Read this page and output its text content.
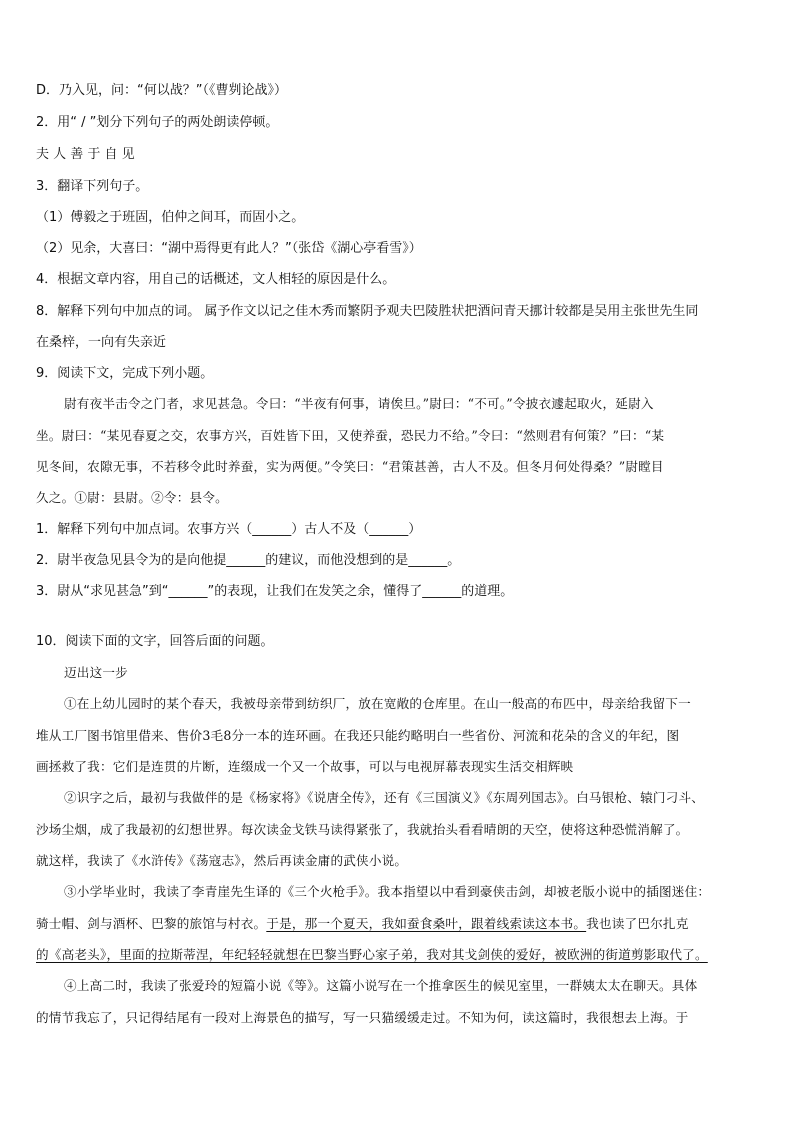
D．乃入见，问：“何以战？”（《曹刿论战》）
2．用“ / ”划分下列句子的两处朗读停顿。
夫 人 善 于 自 见
3．翻译下列句子。
（1）傅毅之于班固，伯仲之间耳，而固小之。
（2）见余，大喜曰：“湖中焉得更有此人？”（张岱《湖心亭看雪》）
4．根据文章内容，用自己的话概述，文人相轻的原因是什么。
8．解释下列句中加点的词。 属予作文以记之佳木秀而繁阴予观夫巴陵胜状把酒问青天挪计较都是吴用主张世先生同
在桑梓，一向有失亲近
9．阅读下文，完成下列小题。
尉有夜半击令之门者，求见甚急。令曰：“半夜有何事，请俟旦。”尉曰：“不可。”令披衣遽起取火，延尉入
坐。尉曰：“某见春夏之交，农事方兴，百姓皆下田，又使养蚕，恐民力不给。”令曰：“然则君有何策？”曰：“某
见冬间，农隙无事，不若移令此时养蚕，实为两便。”令笑曰：“君策甚善，古人不及。但冬月何处得桑？”尉瞠目
久之。①尉：县尉。②令：县令。
1．解释下列句中加点词。农事方兴（______）古人不及（______）
2．尉半夜急见县令为的是向他提______的建议，而他没想到的是______。
3．尉从“求见甚急”到“______”的表现，让我们在发笑之余，懂得了______的道理。
10．阅读下面的文字，回答后面的问题。
迈出这一步
①在上幼儿园时的某个春天，我被母亲带到纺织厂，放在宽敞的仓库里。在山一般高的布匹中，母亲给我留下一
堆从工厂图书馆里借来、售价3毛8分一本的连环画。在我还只能约略明白一些省份、河流和花朵的含义的年纪，图
画拯救了我：它们是连贯的片断，连缀成一个又一个故事，可以与电视屏幕表现实生活交相辉映
②识字之后，最初与我做伴的是《杨家将》《说唐全传》，还有《三国演义》《东周列国志》。白马银枪、辕门刁斗、
沙场尘烟，成了我最初的幻想世界。每次读金戈铁马读得紧张了，我就抬头看看晴朗的天空，使将这种恐慌消解了。
就这样，我读了《水浒传》《荡寇志》，然后再读金庸的武侠小说。
③小学毕业时，我读了李青崖先生译的《三个火枪手》。我本指望以中看到豪侠击剑，却被老版小说中的插图迷住：
骑士帽、剑与酒杯、巴黎的旅馆与村衣。于是，那一个夏天，我如蚕食桑叶，跟着线索读这本书。我也读了巴尔扎克
的《高老头》，里面的拉斯蒂涅，年纪轻轻就想在巴黎当野心家子弟，我对其戈剑侠的爱好，被欧洲的街道剪影取代了。
④上高二时，我读了张爱玲的短篇小说《等》。这篇小说写在一个推拿医生的候见室里，一群姨太太在聊天。具体
的情节我忘了，只记得结尾有一段对上海景色的描写，写一只猫缓缓走过。不知为何，读这篇时，我很想去上海。于
